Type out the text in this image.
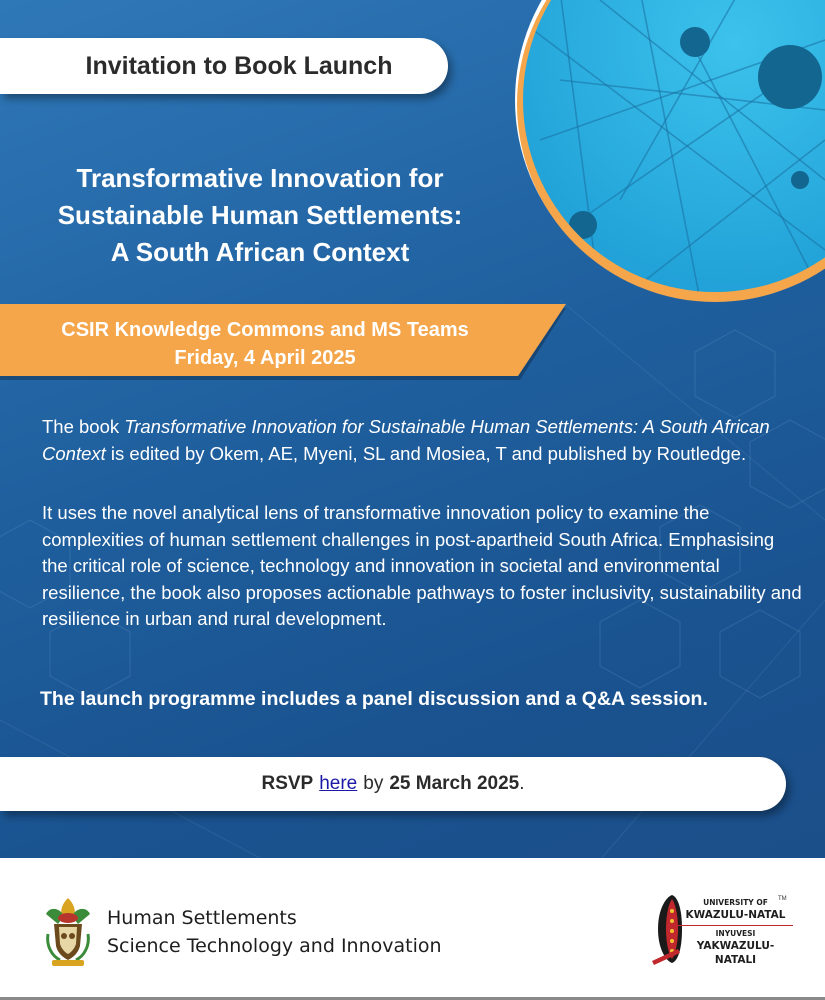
Invitation to Book Launch
Transformative Innovation for
Sustainable Human Settlements:
A South African Context
CSIR Knowledge Commons and MS Teams
Friday, 4 April 2025

The book Transformative Innovation for Sustainable Human Settlements: A South African Context is edited by Okem, AE, Myeni, SL and Mosiea, T and published by Routledge.

It uses the novel analytical lens of transformative innovation policy to examine the complexities of human settlement challenges in post-apartheid South Africa. Emphasising the critical role of science, technology and innovation in societal and environmental resilience, the book also proposes actionable pathways to foster inclusivity, sustainability and resilience in urban and rural development.

The launch programme includes a panel discussion and a Q&A session.
RSVP here by 25 March 2025 .
Human Settlements
Science Technology and Innovation
UNIVERSITY OF
KWAZULU-NATAL
INYUVESI
YAKWAZULU-NATALI
TM
